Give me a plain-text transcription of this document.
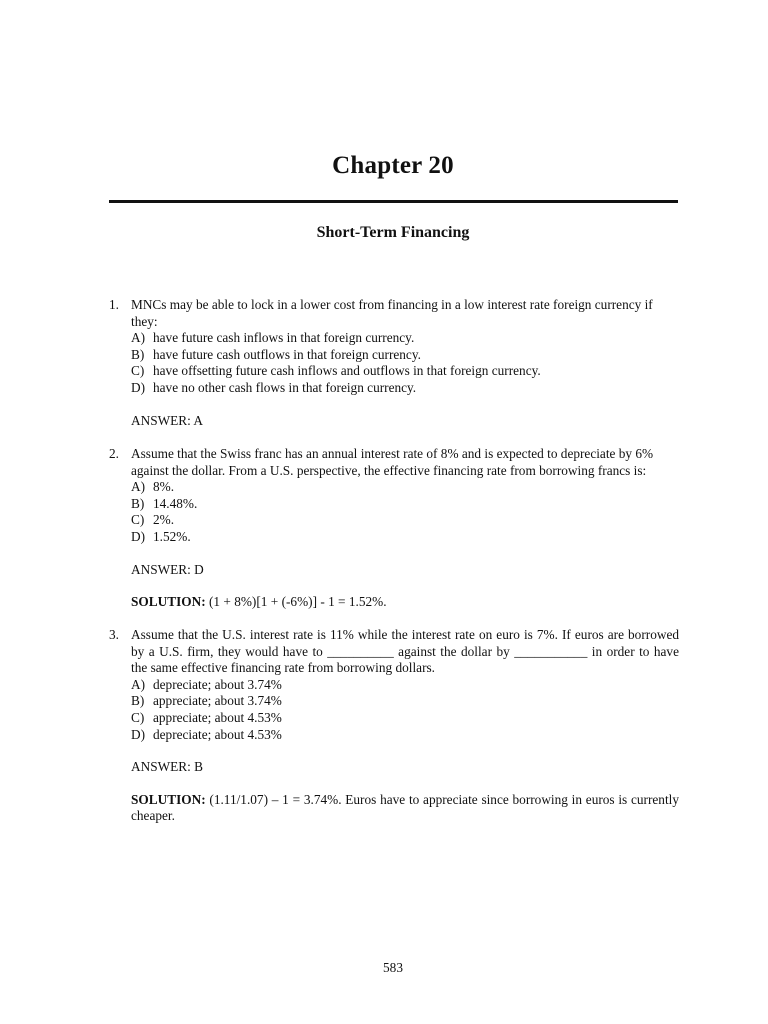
Chapter 20
Short-Term Financing
1. MNCs may be able to lock in a lower cost from financing in a low interest rate foreign currency if they:

A) have future cash inflows in that foreign currency.
B) have future cash outflows in that foreign currency.
C) have offsetting future cash inflows and outflows in that foreign currency.
D) have no other cash flows in that foreign currency.
ANSWER: A
2. Assume that the Swiss franc has an annual interest rate of 8% and is expected to depreciate by 6% against the dollar. From a U.S. perspective, the effective financing rate from borrowing francs is:

A) 8%.
B) 14.48%.
C) 2%.
D) 1.52%.
ANSWER: D
SOLUTION: (1 + 8%)[1 + (-6%)] - 1 = 1.52%.
3. Assume that the U.S. interest rate is 11% while the interest rate on euro is 7%. If euros are borrowed by a U.S. firm, they would have to __________ against the dollar by ___________ in order to have the same effective financing rate from borrowing dollars.

A) depreciate; about 3.74%
B) appreciate; about 3.74%
C) appreciate; about 4.53%
D) depreciate; about 4.53%
ANSWER: B
SOLUTION: (1.11/1.07) – 1 = 3.74%. Euros have to appreciate since borrowing in euros is currently cheaper.
583
